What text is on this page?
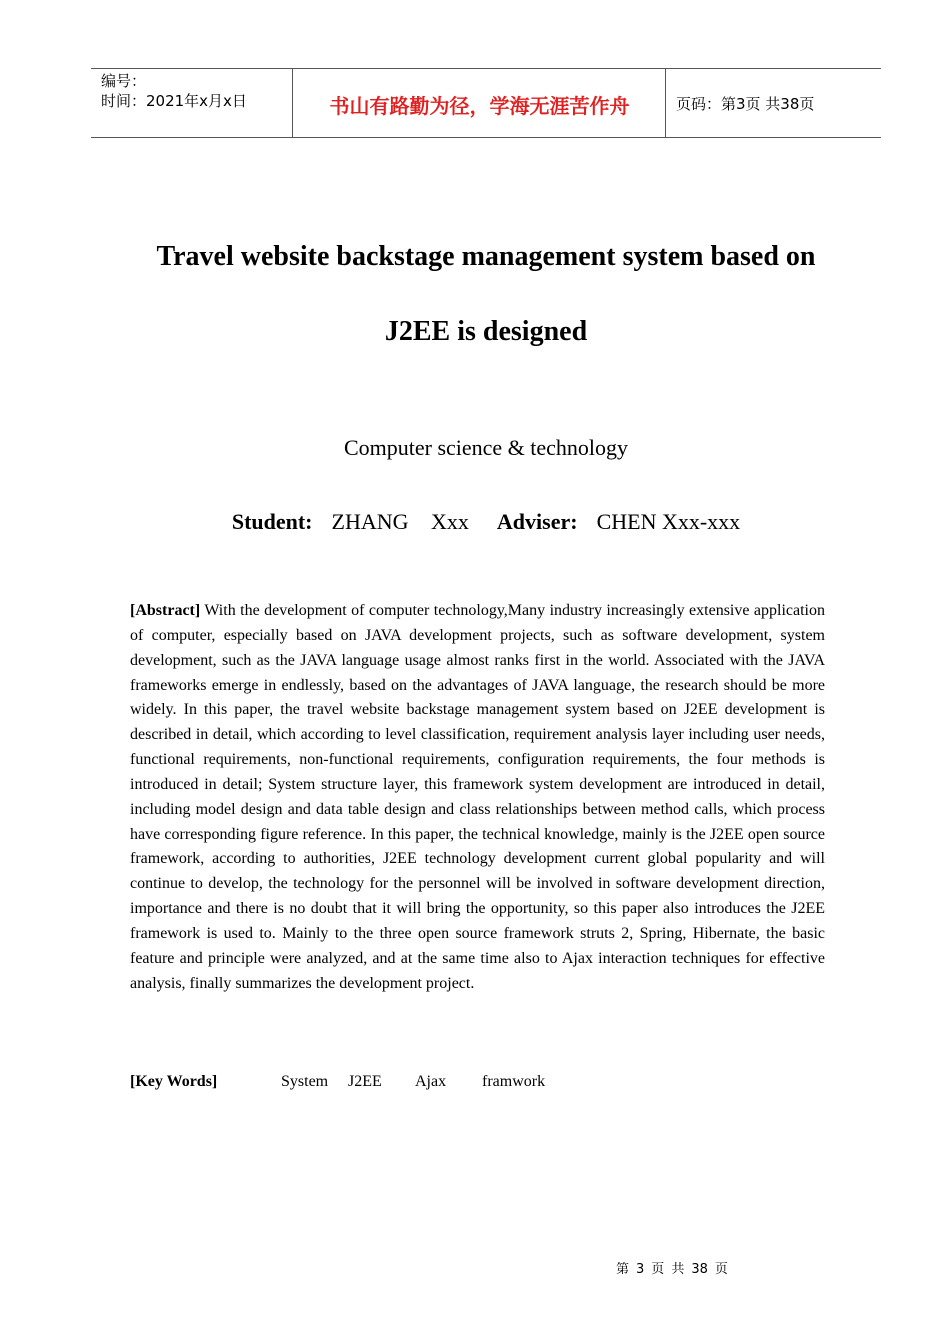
编号：
时间：2021年x月x日	书山有路勤为径，学海无涯苦作舟	页码：第3页 共38页
Travel website backstage management system based on
J2EE is designed
Computer science & technology
Student: ZHANG Xxx Adviser: CHEN Xxx-xxx

[Abstract] With the development of computer technology,Many industry increasingly extensive application of computer, especially based on JAVA development projects, such as software development, system development, such as the JAVA language usage almost ranks first in the world. Associated with the JAVA frameworks emerge in endlessly, based on the advantages of JAVA language, the research should be more widely. In this paper, the travel website backstage management system based on J2EE development is described in detail, which according to level classification, requirement analysis layer including user needs, functional requirements, non-functional requirements, configuration requirements, the four methods is introduced in detail; System structure layer, this framework system development are introduced in detail, including model design and data table design and class relationships between method calls, which process have corresponding figure reference. In this paper, the technical knowledge, mainly is the J2EE open source framework, according to authorities, J2EE technology development current global popularity and will continue to develop, the technology for the personnel will be involved in software development direction, importance and there is no doubt that it will bring the opportunity, so this paper also introduces the J2EE framework is used to. Mainly to the three open source framework struts 2, Spring, Hibernate, the basic feature and principle were analyzed, and at the same time also to Ajax interaction techniques for effective analysis, finally summarizes the development project.

[Key Words]	System J2EE Ajax framwork
第 3 页 共 38 页
